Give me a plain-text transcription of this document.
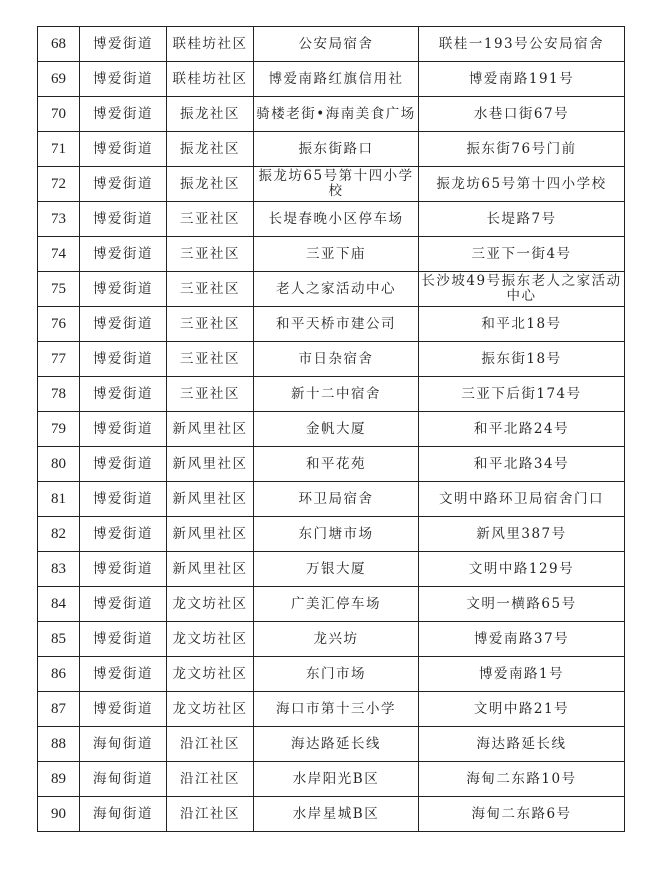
68	博爱街道	联桂坊社区	公安局宿舍	联桂一193号公安局宿舍
69	博爱街道	联桂坊社区	博爱南路红旗信用社	博爱南路191号
70	博爱街道	振龙社区	骑楼老街•海南美食广场	水巷口街67号
71	博爱街道	振龙社区	振东街路口	振东街76号门前
72	博爱街道	振龙社区	振龙坊65号第十四小学校	振龙坊65号第十四小学校
73	博爱街道	三亚社区	长堤春晚小区停车场	长堤路7号
74	博爱街道	三亚社区	三亚下庙	三亚下一街4号
75	博爱街道	三亚社区	老人之家活动中心	长沙坡49号振东老人之家活动中心
76	博爱街道	三亚社区	和平天桥市建公司	和平北18号
77	博爱街道	三亚社区	市日杂宿舍	振东街18号
78	博爱街道	三亚社区	新十二中宿舍	三亚下后街174号
79	博爱街道	新风里社区	金帆大厦	和平北路24号
80	博爱街道	新风里社区	和平花苑	和平北路34号
81	博爱街道	新风里社区	环卫局宿舍	文明中路环卫局宿舍门口
82	博爱街道	新风里社区	东门塘市场	新风里387号
83	博爱街道	新风里社区	万银大厦	文明中路129号
84	博爱街道	龙文坊社区	广美汇停车场	文明一横路65号
85	博爱街道	龙文坊社区	龙兴坊	博爱南路37号
86	博爱街道	龙文坊社区	东门市场	博爱南路1号
87	博爱街道	龙文坊社区	海口市第十三小学	文明中路21号
88	海甸街道	沿江社区	海达路延长线	海达路延长线
89	海甸街道	沿江社区	水岸阳光B区	海甸二东路10号
90	海甸街道	沿江社区	水岸星城B区	海甸二东路6号
